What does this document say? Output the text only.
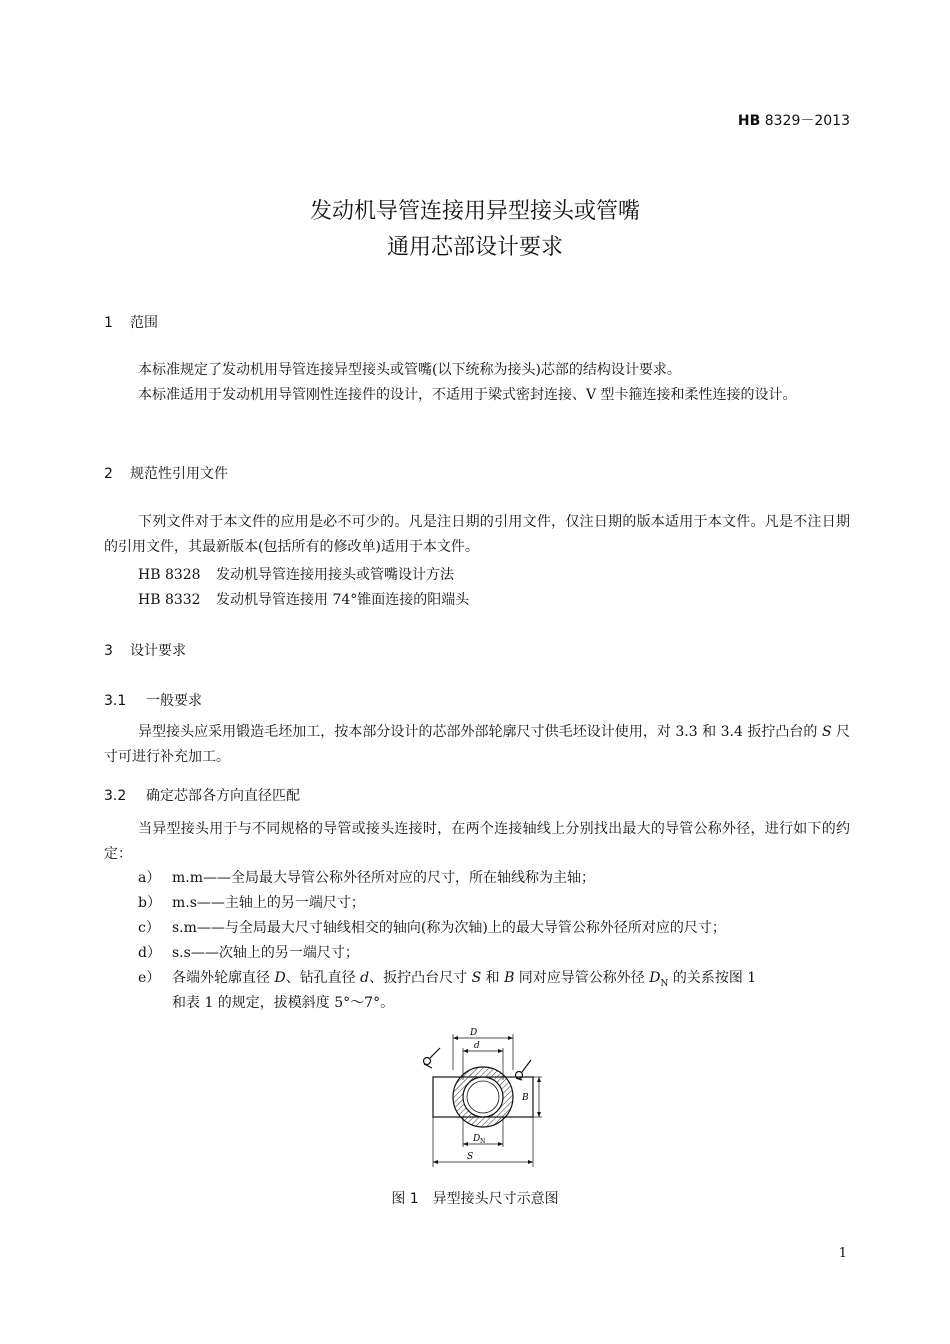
HB 8329－2013
发动机导管连接用异型接头或管嘴
通用芯部设计要求
1 范围
本标准规定了发动机用导管连接异型接头或管嘴(以下统称为接头)芯部的结构设计要求。
本标准适用于发动机用导管刚性连接件的设计，不适用于梁式密封连接、V 型卡箍连接和柔性连接的设计。
2 规范性引用文件
下列文件对于本文件的应用是必不可少的。凡是注日期的引用文件，仅注日期的版本适用于本文件。凡是不注日期的引用文件，其最新版本(包括所有的修改单)适用于本文件。
HB 8328 发动机导管连接用接头或管嘴设计方法
HB 8332 发动机导管连接用 74°锥面连接的阳端头
3 设计要求
3.1 一般要求
异型接头应采用锻造毛坯加工，按本部分设计的芯部外部轮廓尺寸供毛坯设计使用，对 3.3 和 3.4 扳拧凸台的 S 尺寸可进行补充加工。
3.2 确定芯部各方向直径匹配
当异型接头用于与不同规格的导管或接头连接时，在两个连接轴线上分别找出最大的导管公称外径，进行如下的约定：
a） m.m——全局最大导管公称外径所对应的尺寸，所在轴线称为主轴；
b） m.s——主轴上的另一端尺寸；
c） s.m——与全局最大尺寸轴线相交的轴向(称为次轴)上的最大导管公称外径所对应的尺寸；
d） s.s——次轴上的另一端尺寸；
e） 各端外轮廓直径 D、钻孔直径 d、扳拧凸台尺寸 S 和 B 同对应导管公称外径 $D_N$ 的关系按图 1
和表 1 的规定，拔模斜度 5°～7°。
D
d
B
D N
S
图 1　异型接头尺寸示意图
1
